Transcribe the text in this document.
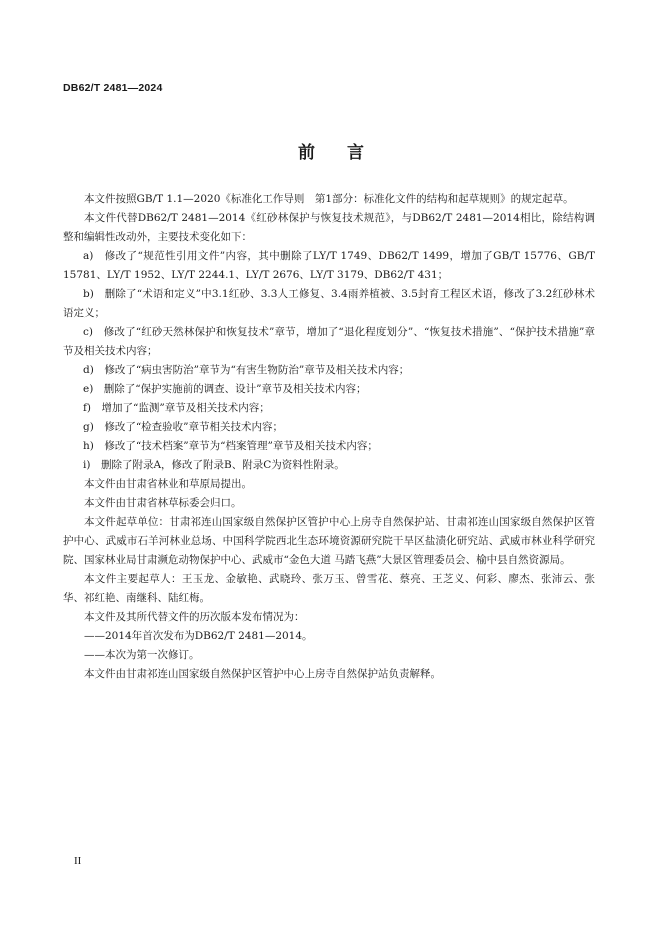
DB62/T 2481—2024
前言

本文件按照GB/T 1.1—2020《标准化工作导则　第1部分：标准化文件的结构和起草规则》的规定起草。

本文件代替DB62/T 2481—2014《红砂林保护与恢复技术规范》，与DB62/T 2481—2014相比，除结构调整和编辑性改动外，主要技术变化如下：

a)　修改了“规范性引用文件”内容，其中删除了LY/T 1749、DB62/T 1499，增加了GB/T 15776、GB/T 15781、LY/T 1952、LY/T 2244.1、LY/T 2676、LY/T 3179、DB62/T 431；

b)　删除了“术语和定义”中3.1红砂、3.3人工修复、3.4雨养植被、3.5封育工程区术语，修改了3.2红砂林术语定义；

c)　修改了“红砂天然林保护和恢复技术”章节，增加了“退化程度划分”、“恢复技术措施”、“保护技术措施”章节及相关技术内容；

d)　修改了“病虫害防治”章节为“有害生物防治”章节及相关技术内容；

e)　删除了“保护实施前的调查、设计”章节及相关技术内容；

f)　增加了“监测”章节及相关技术内容；

g)　修改了“检查验收”章节相关技术内容；

h)　修改了“技术档案”章节为“档案管理”章节及相关技术内容；

i)　删除了附录A，修改了附录B、附录C为资料性附录。

本文件由甘肃省林业和草原局提出。

本文件由甘肃省林草标委会归口。

本文件起草单位：甘肃祁连山国家级自然保护区管护中心上房寺自然保护站、甘肃祁连山国家级自然保护区管护中心、武威市石羊河林业总场、中国科学院西北生态环境资源研究院干旱区盐渍化研究站、武威市林业科学研究院、国家林业局甘肃濒危动物保护中心、武威市“金色大道 马踏飞燕”大景区管理委员会、榆中县自然资源局。

本文件主要起草人：王玉龙、金敏艳、武晓玲、张万玉、曾雪花、蔡亮、王芝义、何彩、廖杰、张沛云、张华、祁红艳、南继科、陆红梅。

本文件及其所代替文件的历次版本发布情况为：

——2014年首次发布为DB62/T 2481—2014。

——本次为第一次修订。

本文件由甘肃祁连山国家级自然保护区管护中心上房寺自然保护站负责解释。

II
